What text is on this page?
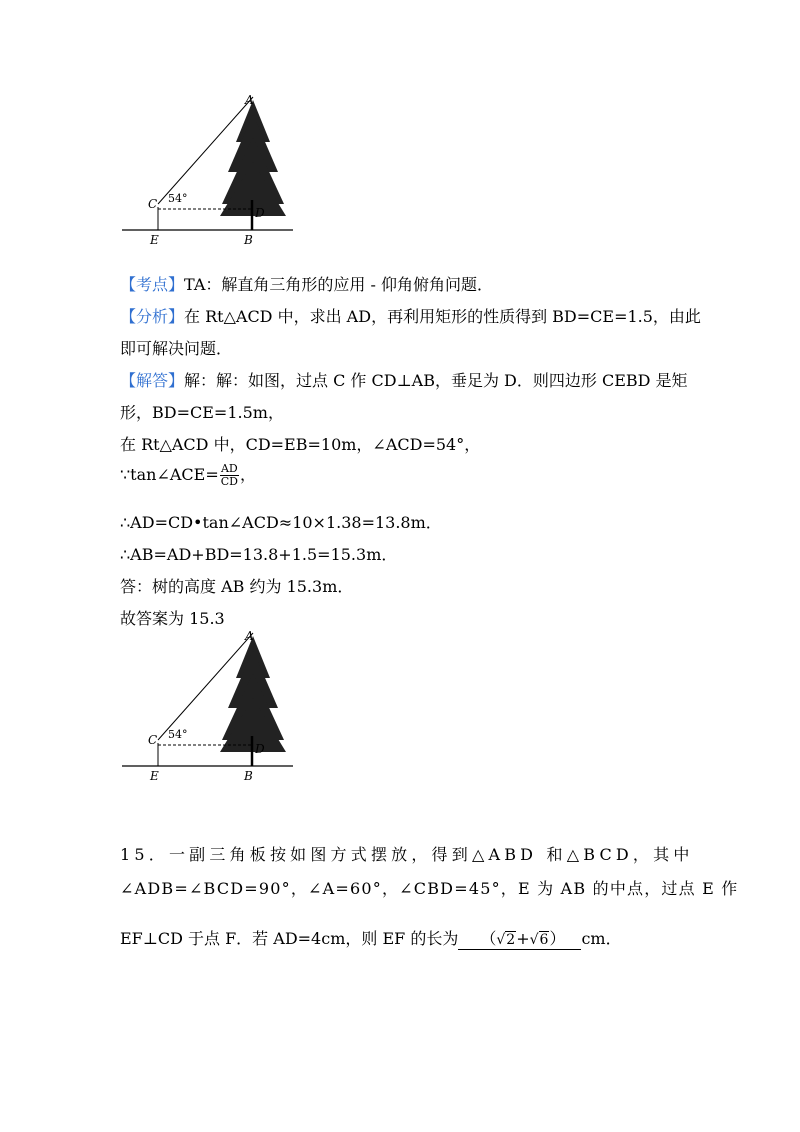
A
C
D
E	B
54°
【考点】TA：解直角三角形的应用 - 仰角俯角问题．
【分析】在 Rt△ACD 中，求出 AD，再利用矩形的性质得到 BD=CE=1.5，由此
即可解决问题．
【解答】解：解：如图，过点 C 作 CD⊥AB，垂足为 D．则四边形 CEBD 是矩
形，BD=CE=1.5m，
在 Rt△ACD 中，CD=EB=10m，∠ACD=54°，
∵tan∠ACE= $\frac{AD}{CD}$ ，
∴AD=CD•tan∠ACD≈10×1.38=13.8m．
∴AB=AD+BD=13.8+1.5=15.3m．
答：树的高度 AB 约为 15.3m．
故答案为 15.3
A
C
D
E	B
54°
15．一副三角板按如图方式摆放，得到△ABD 和△BCD，其中
∠ADB=∠BCD=90°，∠A=60°，∠CBD=45°，E 为 AB 的中点，过点 E 作
EF⊥CD 于点 F．若 AD=4cm，则 EF 的长为 （√2+√6） cm．
